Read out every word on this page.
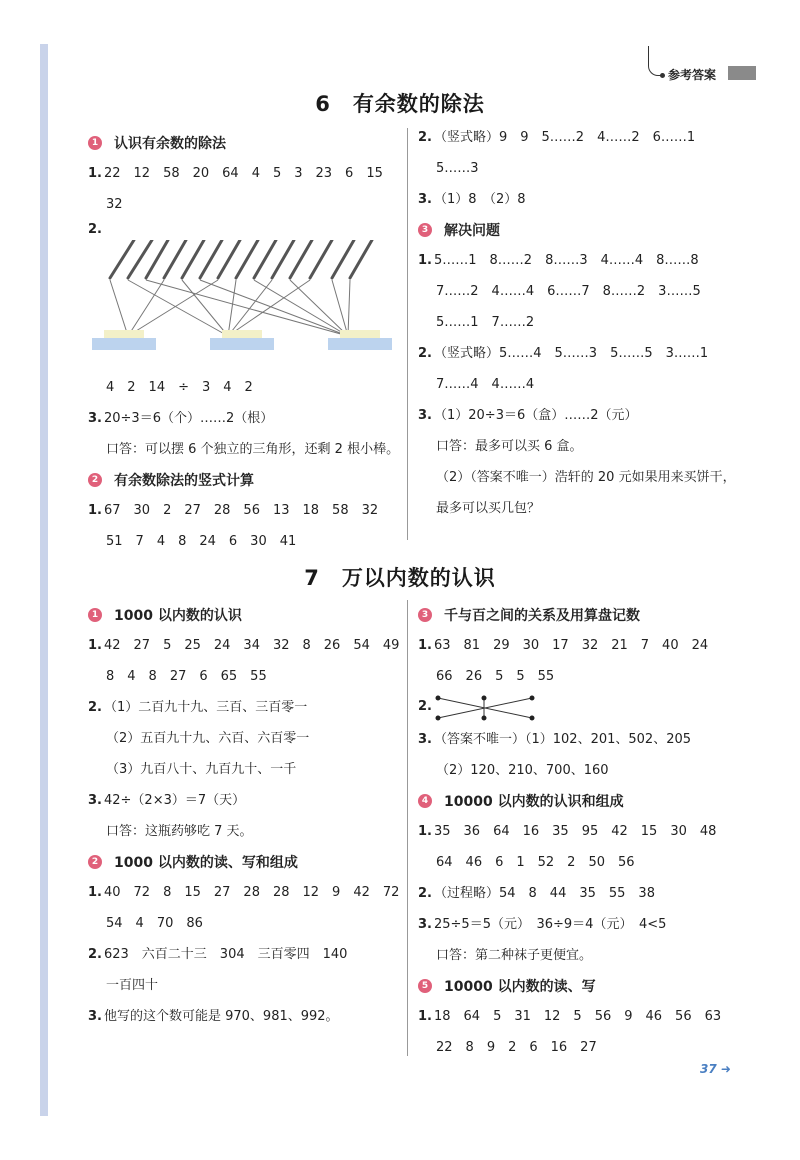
参考答案
6 有余数的除法
1 认识有余数的除法
1. 22　12　58　20　64　4　5　3　23　6　15
32
2.
4　2　14　÷　3　4　2
3. 20÷3＝6（个）……2（根）
口答：可以摆 6 个独立的三角形，还剩 2 根小棒。
2 有余数除法的竖式计算
1. 67　30　2　27　28　56　13　18　58　32
51　7　4　8　24　6　30　41
2. （竖式略）9　9　5……2　4……2　6……1
5……3
3. （1）8　（2）8
3 解决问题
1. 5……1　8……2　8……3　4……4　8……8
7……2　4……4　6……7　8……2　3……5
5……1　7……2
2. （竖式略）5……4　5……3　5……5　3……1
7……4　4……4
3. （1）20÷3＝6（盒）……2（元）
口答：最多可以买 6 盒。
（2）（答案不唯一）浩轩的 20 元如果用来买饼干，
最多可以买几包？
7 万以内数的认识
1 1000 以内数的认识
1. 42　27　5　25　24　34　32　8　26　54　49
8　4　8　27　6　65　55
2. （1）二百九十九、三百、三百零一
（2）五百九十九、六百、六百零一
（3）九百八十、九百九十、一千
3. 42÷（2×3）＝7（天）
口答：这瓶药够吃 7 天。
2 1000 以内数的读、写和组成
1. 40　72　8　15　27　28　28　12　9　42　72
54　4　70　86
2. 623　六百二十三　304　三百零四　140
一百四十
3. 他写的这个数可能是 970、981、992。
3 千与百之间的关系及用算盘记数
1. 63　81　29　30　17　32　21　7　40　24
66　26　5　5　55
2.
3. （答案不唯一）（1）102、201、502、205
（2）120、210、700、160
4 10000 以内数的认识和组成
1. 35　36　64　16　35　95　42　15　30　48
64　46　6　1　52　2　50　56
2. （过程略）54　8　44　35　55　38
3. 25÷5＝5（元）　36÷9＝4（元）　4<5
口答：第二种袜子更便宜。
5 10000 以内数的读、写
1. 18　64　5　31　12　5　56　9　46　56　63
22　8　9　2　6　16　27
37 ➜
